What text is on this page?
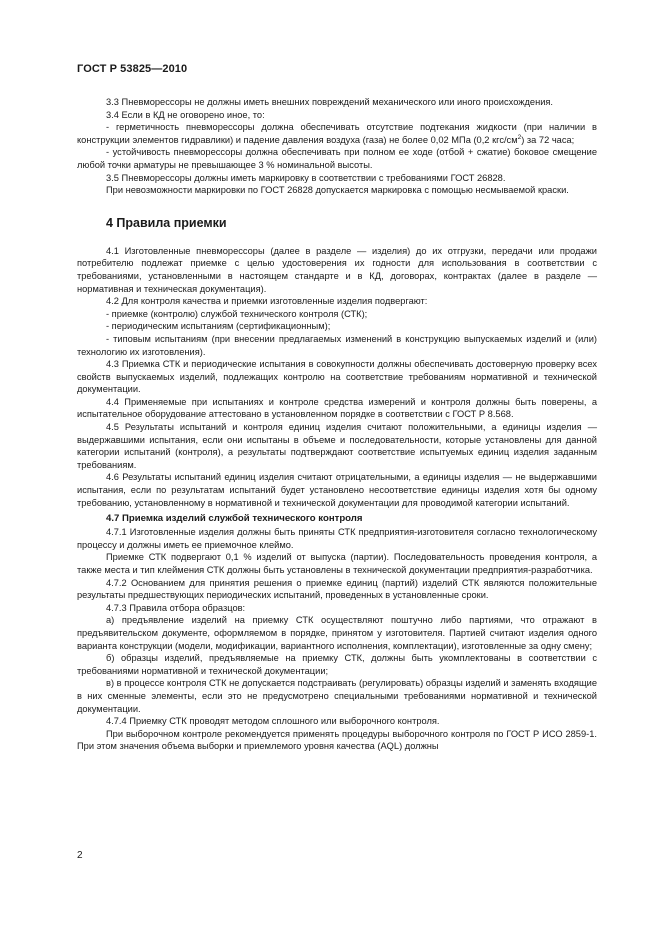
ГОСТ Р 53825—2010

3.3 Пневморессоры не должны иметь внешних повреждений механического или иного происхождения.

3.4 Если в КД не оговорено иное, то:

- герметичность пневморессоры должна обеспечивать отсутствие подтекания жидкости (при наличии в конструкции элементов гидравлики) и падение давления воздуха (газа) не более 0,02 МПа (0,2 кгс/$см^2$) за 72 часа;

- устойчивость пневморессоры должна обеспечивать при полном ее ходе (отбой + сжатие) боковое смещение любой точки арматуры не превышающее 3 % номинальной высоты.

3.5 Пневморессоры должны иметь маркировку в соответствии с требованиями ГОСТ 26828.

При невозможности маркировки по ГОСТ 26828 допускается маркировка с помощью несмываемой краски.

4 Правила приемки

4.1 Изготовленные пневморессоры (далее в разделе — изделия) до их отгрузки, передачи или продажи потребителю подлежат приемке с целью удостоверения их годности для использования в соответствии с требованиями, установленными в настоящем стандарте и в КД, договорах, контрактах (далее в разделе — нормативная и техническая документация).

4.2 Для контроля качества и приемки изготовленные изделия подвергают:

- приемке (контролю) службой технического контроля (СТК);

- периодическим испытаниям (сертификационным);

- типовым испытаниям (при внесении предлагаемых изменений в конструкцию выпускаемых изделий и (или) технологию их изготовления).

4.3 Приемка СТК и периодические испытания в совокупности должны обеспечивать достоверную проверку всех свойств выпускаемых изделий, подлежащих контролю на соответствие требованиям нормативной и технической документации.

4.4 Применяемые при испытаниях и контроле средства измерений и контроля должны быть поверены, а испытательное оборудование аттестовано в установленном порядке в соответствии с ГОСТ Р 8.568.

4.5 Результаты испытаний и контроля единиц изделия считают положительными, а единицы изделия — выдержавшими испытания, если они испытаны в объеме и последовательности, которые установлены для данной категории испытаний (контроля), а результаты подтверждают соответствие испытуемых единиц изделия заданным требованиям.

4.6 Результаты испытаний единиц изделия считают отрицательными, а единицы изделия — не выдержавшими испытания, если по результатам испытаний будет установлено несоответствие единицы изделия хотя бы одному требованию, установленному в нормативной и технической документации для проводимой категории испытаний.

4.7 Приемка изделий службой технического контроля

4.7.1 Изготовленные изделия должны быть приняты СТК предприятия-изготовителя согласно технологическому процессу и должны иметь ее приемочное клеймо.

Приемке СТК подвергают 0,1 % изделий от выпуска (партии). Последовательность проведения контроля, а также места и тип клеймения СТК должны быть установлены в технической документации предприятия-разработчика.

4.7.2 Основанием для принятия решения о приемке единиц (партий) изделий СТК являются положительные результаты предшествующих периодических испытаний, проведенных в установленные сроки.

4.7.3 Правила отбора образцов:

а) предъявление изделий на приемку СТК осуществляют поштучно либо партиями, что отражают в предъявительском документе, оформляемом в порядке, принятом у изготовителя. Партией считают изделия одного варианта конструкции (модели, модификации, вариантного исполнения, комплектации), изготовленные за одну смену;

б) образцы изделий, предъявляемые на приемку СТК, должны быть укомплектованы в соответствии с требованиями нормативной и технической документации;

в) в процессе контроля СТК не допускается подстраивать (регулировать) образцы изделий и заменять входящие в них сменные элементы, если это не предусмотрено специальными требованиями нормативной и технической документации.

4.7.4 Приемку СТК проводят методом сплошного или выборочного контроля.

При выборочном контроле рекомендуется применять процедуры выборочного контроля по ГОСТ Р ИСО 2859-1. При этом значения объема выборки и приемлемого уровня качества (AQL) должны

2
